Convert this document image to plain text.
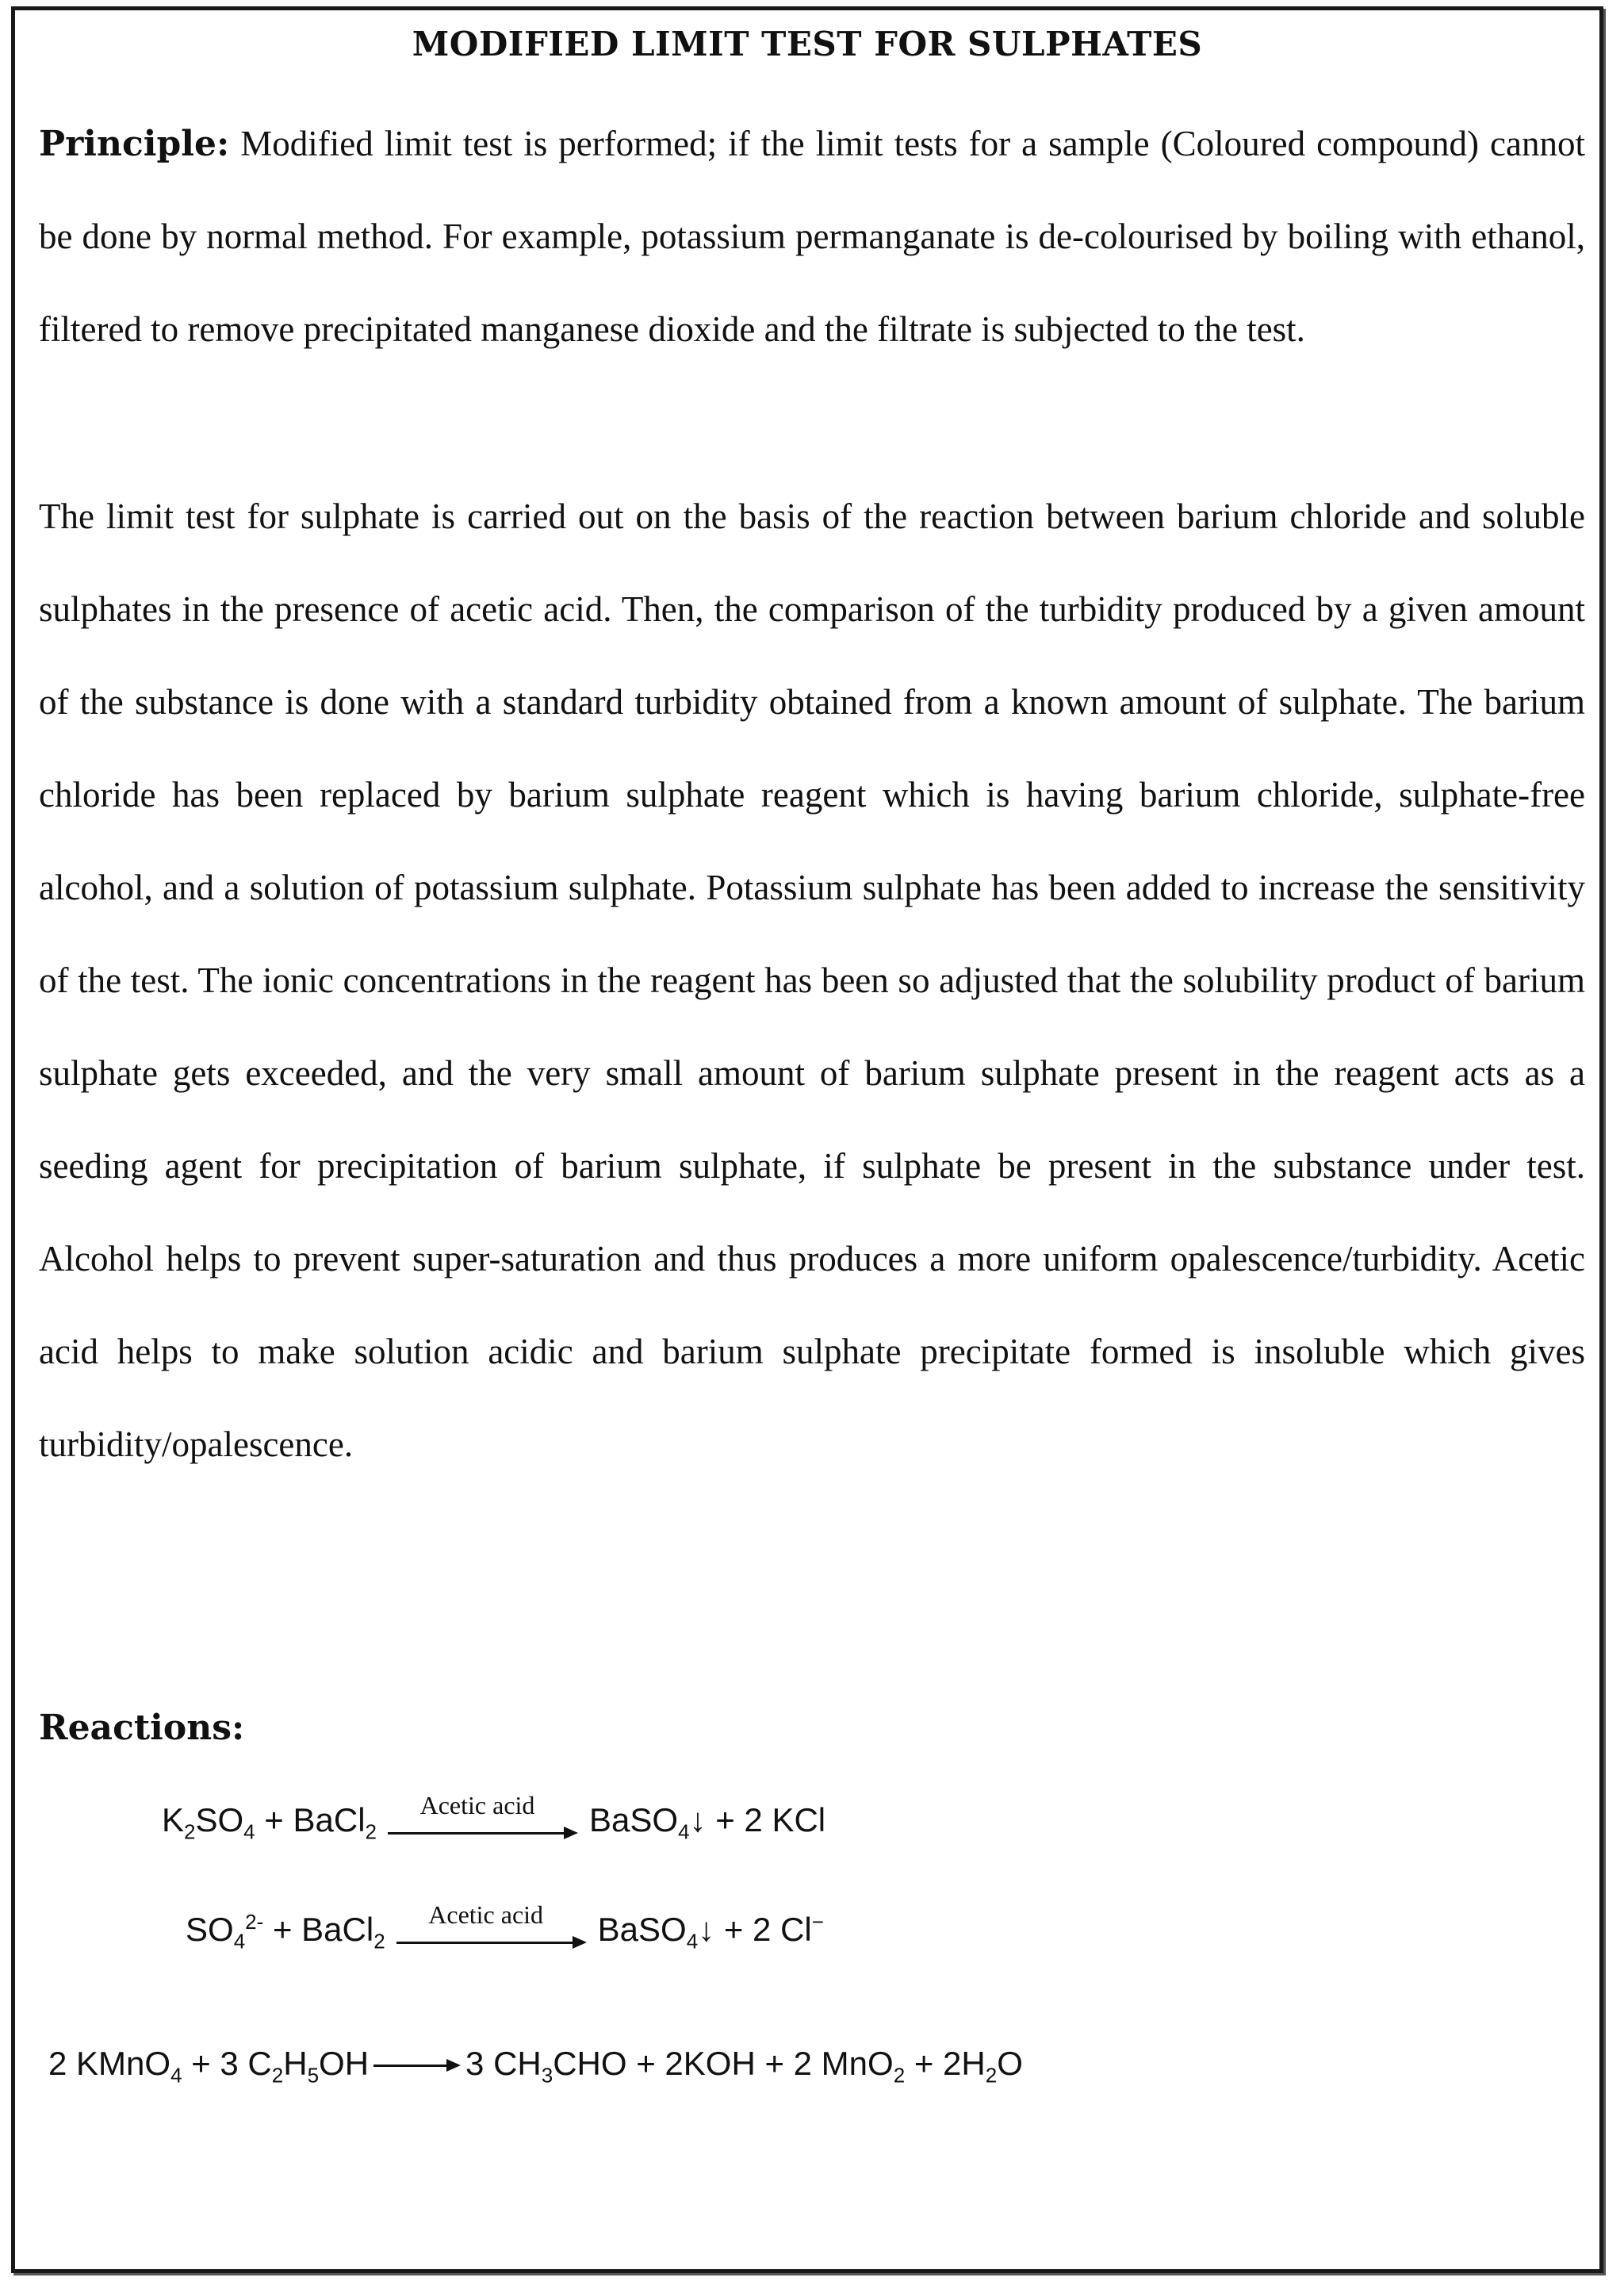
MODIFIED LIMIT TEST FOR SULPHATES
Principle: Modified limit test is performed; if the limit tests for a sample (Coloured compound) cannot be done by normal method. For example, potassium permanganate is de-colourised by boiling with ethanol, filtered to remove precipitated manganese dioxide and the filtrate is subjected to the test.
The limit test for sulphate is carried out on the basis of the reaction between barium chloride and soluble sulphates in the presence of acetic acid. Then, the comparison of the turbidity produced by a given amount of the substance is done with a standard turbidity obtained from a known amount of sulphate. The barium chloride has been replaced by barium sulphate reagent which is having barium chloride, sulphate-free alcohol, and a solution of potassium sulphate. Potassium sulphate has been added to increase the sensitivity of the test. The ionic concentrations in the reagent has been so adjusted that the solubility product of barium sulphate gets exceeded, and the very small amount of barium sulphate present in the reagent acts as a seeding agent for precipitation of barium sulphate, if sulphate be present in the substance under test. Alcohol helps to prevent super-saturation and thus produces a more uniform opalescence/turbidity. Acetic acid helps to make solution acidic and barium sulphate precipitate formed is insoluble which gives turbidity/opalescence.
Reactions:
$K_2SO_4$ + BaCl$_2$
Acetic acid	BaSO$_4$↓ + 2 KCl
$SO_4^{2-}$ + BaCl$_2$
Acetic acid	BaSO$_4$↓ + 2 Cl−
2 KMnO$_4$ + 3 $C_2H_5OH$	3 $CH_3CHO + 2KOH + 2$ $MnO_2 + 2H_2O$
